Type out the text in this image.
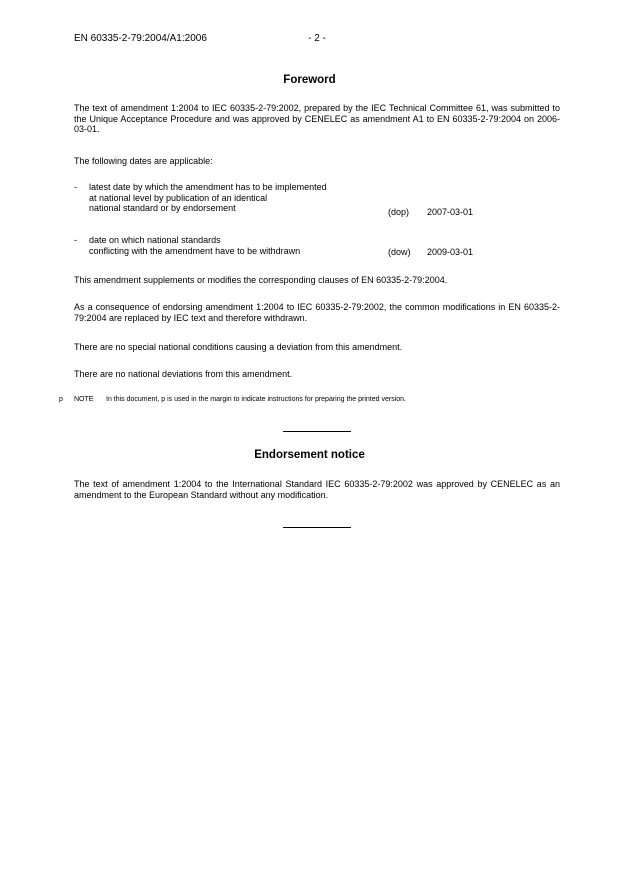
EN 60335-2-79:2004/A1:2006	- 2 -
Foreword
The text of amendment 1:2004 to IEC 60335-2-79:2002, prepared by the IEC Technical Committee 61, was submitted to the Unique Acceptance Procedure and was approved by CENELEC as amendment A1 to EN 60335-2-79:2004 on 2006-03-01.
The following dates are applicable:
- latest date by which the amendment has to be implemented
at national level by publication of an identical
national standard or by endorsement	(dop) 2007-03-01
- date on which national standards
conflicting with the amendment have to be withdrawn	(dow) 2009-03-01
This amendment supplements or modifies the corresponding clauses of EN 60335-2-79:2004.
As a consequence of endorsing amendment 1:2004 to IEC 60335-2-79:2002, the common modifications in EN 60335-2-79:2004 are replaced by IEC text and therefore withdrawn.
There are no special national conditions causing a deviation from this amendment.
There are no national deviations from this amendment.
p NOTE In this document, p is used in the margin to indicate instructions for preparing the printed version.
Endorsement notice
The text of amendment 1:2004 to the International Standard IEC 60335-2-79:2002 was approved by CENELEC as an amendment to the European Standard without any modification.
